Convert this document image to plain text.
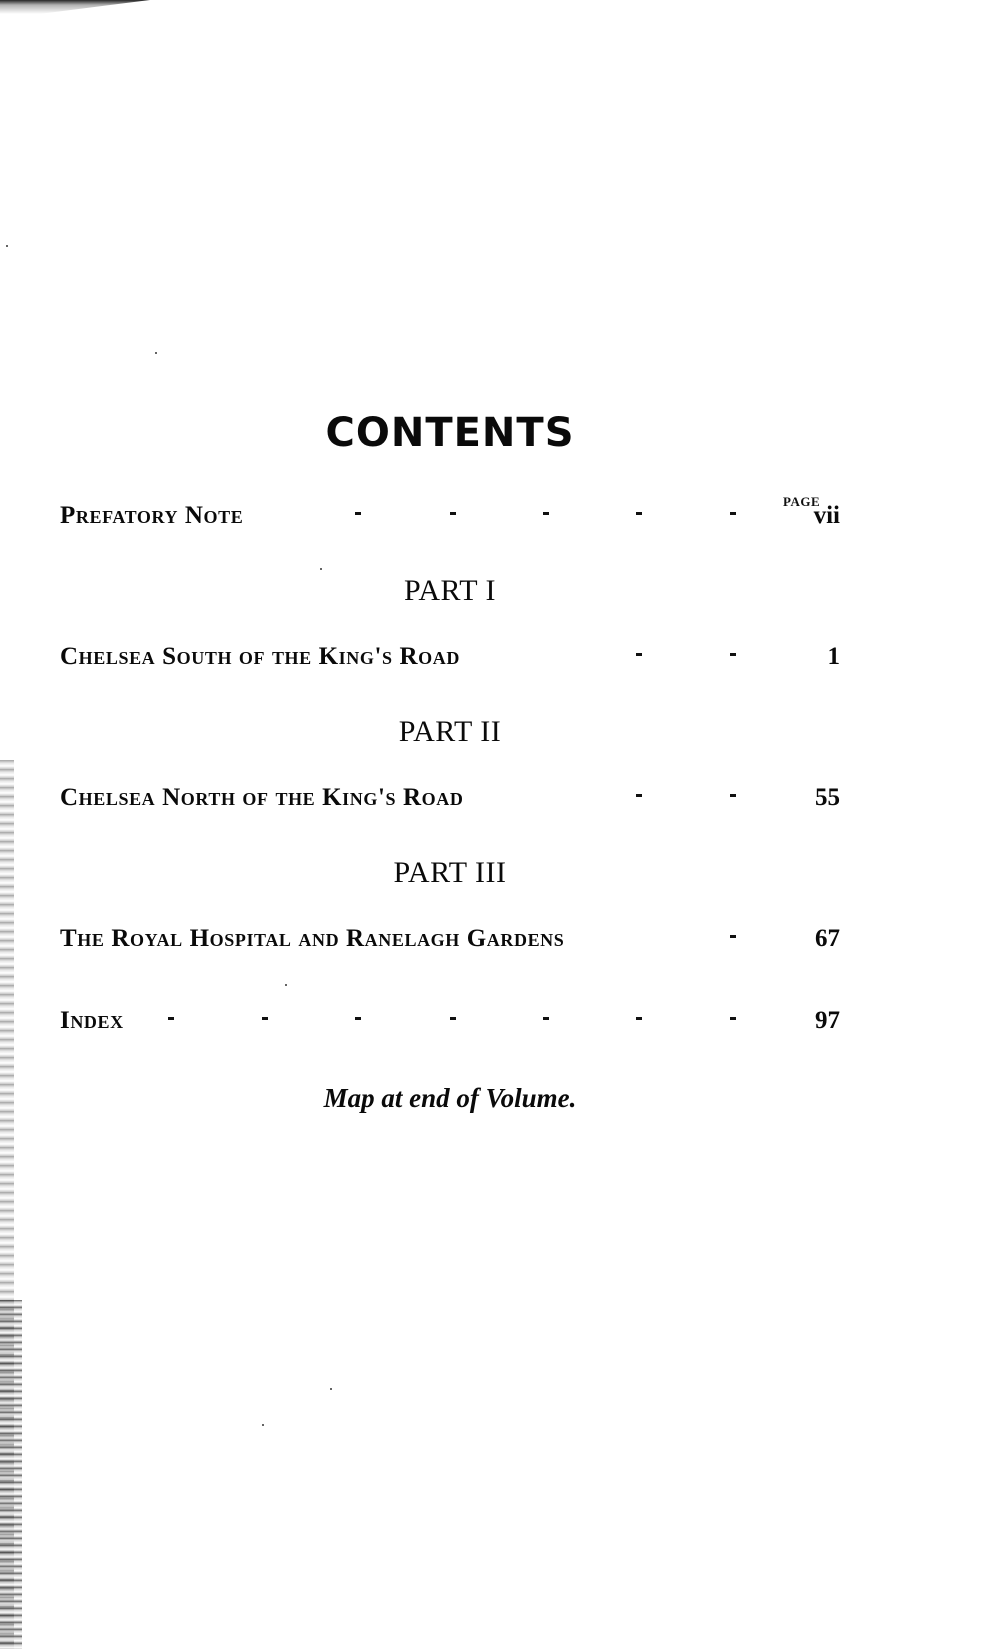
CONTENTS
PAGE
Prefatory Note	vii
PART I
Chelsea South of the King's Road	1
PART II
Chelsea North of the King's Road	55
PART III
The Royal Hospital and Ranelagh Gardens	67
Index	97
Map at end of Volume.
